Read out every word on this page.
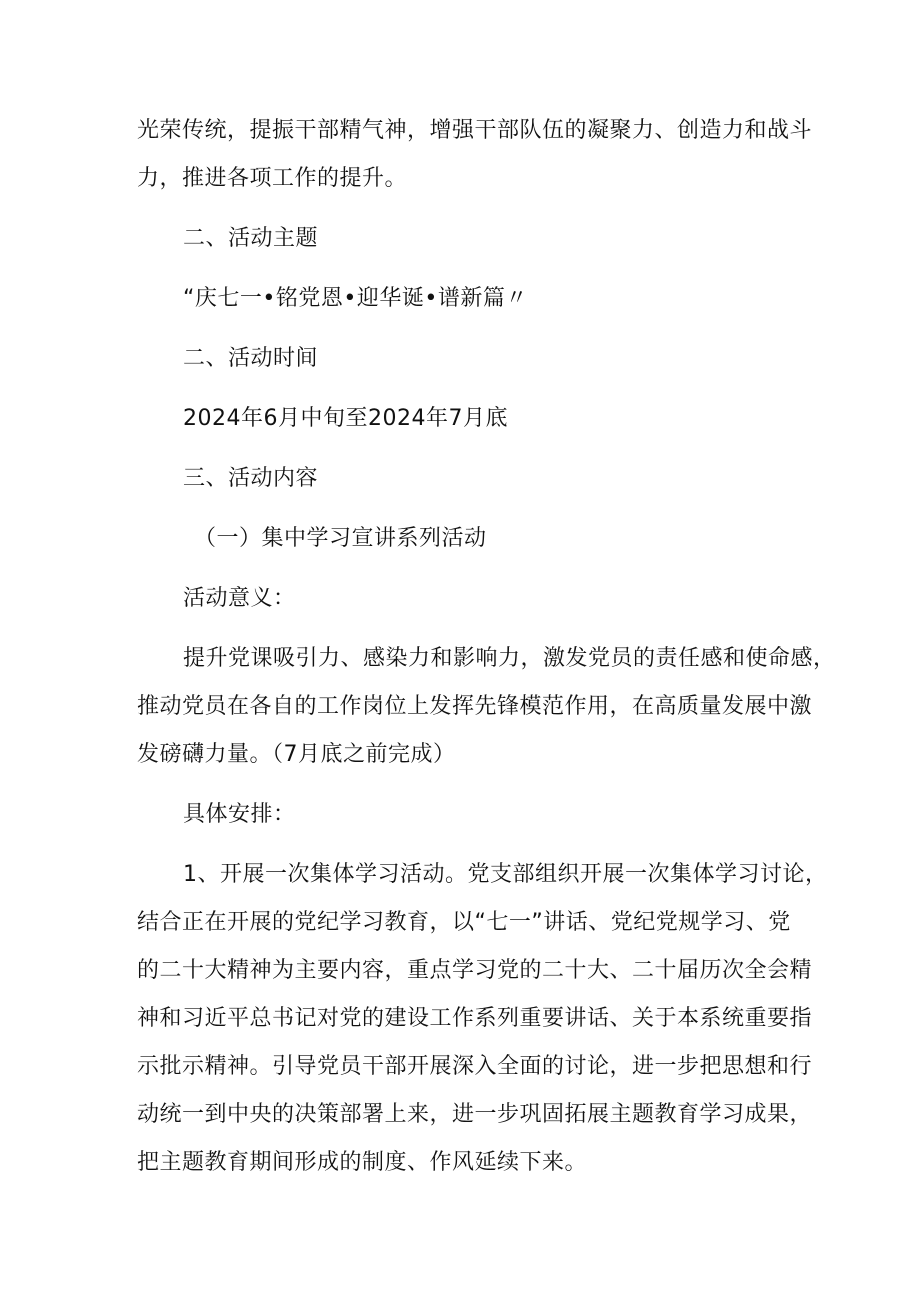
光荣传统，提振干部精气神，增强干部队伍的凝聚力、创造力和战斗
力，推进各项工作的提升。
二、活动主题
“庆七一•铭党恩•迎华诞•谱新篇〃
二、活动时间
2024年6月中旬至2024年7月底
三、活动内容
（一）集中学习宣讲系列活动
活动意义：
提升党课吸引力、感染力和影响力，激发党员的责任感和使命感，
推动党员在各自的工作岗位上发挥先锋模范作用，在高质量发展中激
发磅礴力量。（7月底之前完成）
具体安排：
1、开展一次集体学习活动。党支部组织开展一次集体学习讨论，
结合正在开展的党纪学习教育，以“七一”讲话、党纪党规学习、党
的二十大精神为主要内容，重点学习党的二十大、二十届历次全会精
神和习近平总书记对党的建设工作系列重要讲话、关于本系统重要指
示批示精神。引导党员干部开展深入全面的讨论，进一步把思想和行
动统一到中央的决策部署上来，进一步巩固拓展主题教育学习成果，
把主题教育期间形成的制度、作风延续下来。
